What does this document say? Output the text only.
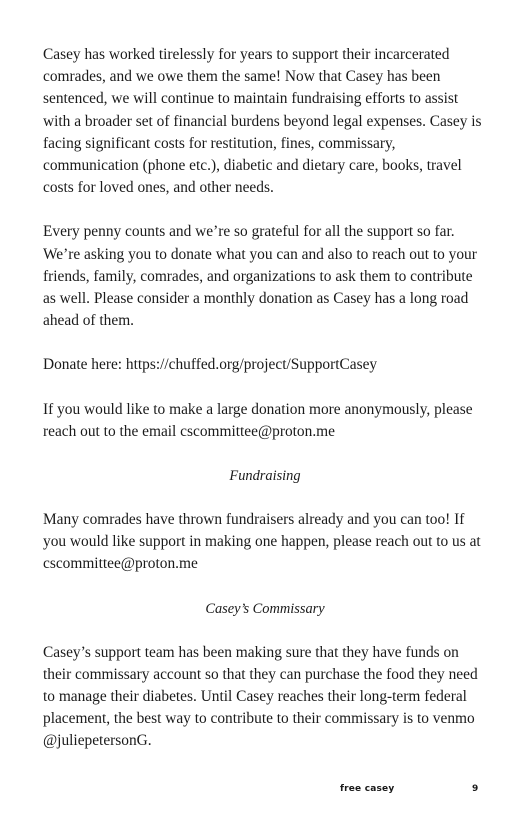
Casey has worked tirelessly for years to support their incarcerated comrades, and we owe them the same! Now that Casey has been sentenced, we will continue to maintain fundraising efforts to assist with a broader set of financial burdens beyond legal expenses. Casey is facing significant costs for restitution, fines, commissary, communication (phone etc.), diabetic and dietary care, books, travel costs for loved ones, and other needs.

Every penny counts and we’re so grateful for all the support so far. We’re asking you to donate what you can and also to reach out to your friends, family, comrades, and organizations to ask them to contribute as well. Please consider a monthly donation as Casey has a long road ahead of them.

Donate here: https://chuffed.org/project/SupportCasey

If you would like to make a large donation more anonymously, please reach out to the email cscommittee@proton.me

Fundraising

Many comrades have thrown fundraisers already and you can too! If you would like support in making one happen, please reach out to us at cscommittee@proton.me

Casey’s Commissary

Casey’s support team has been making sure that they have funds on their commissary account so that they can purchase the food they need to manage their diabetes. Until Casey reaches their long-term federal placement, the best way to contribute to their commissary is to venmo @juliepetersonG.

free casey	9
